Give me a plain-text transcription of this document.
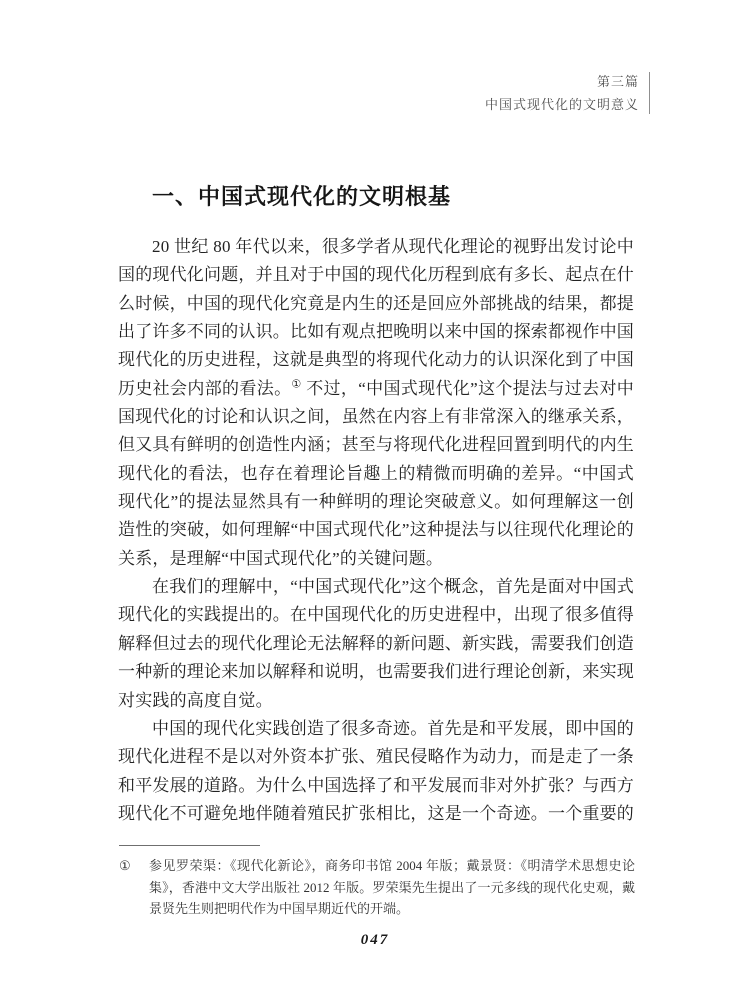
第三篇
中国式现代化的文明意义
一、中国式现代化的文明根基

20 世纪 80 年代以来，很多学者从现代化理论的视野出发讨论中国的现代化问题，并且对于中国的现代化历程到底有多长、起点在什么时候，中国的现代化究竟是内生的还是回应外部挑战的结果，都提出了许多不同的认识。比如有观点把晚明以来中国的探索都视作中国现代化的历史进程，这就是典型的将现代化动力的认识深化到了中国历史社会内部的看法。① 不过，“中国式现代化”这个提法与过去对中国现代化的讨论和认识之间，虽然在内容上有非常深入的继承关系，但又具有鲜明的创造性内涵；甚至与将现代化进程回置到明代的内生现代化的看法，也存在着理论旨趣上的精微而明确的差异。“中国式现代化”的提法显然具有一种鲜明的理论突破意义。如何理解这一创造性的突破，如何理解“中国式现代化”这种提法与以往现代化理论的关系，是理解“中国式现代化”的关键问题。

在我们的理解中，“中国式现代化”这个概念，首先是面对中国式现代化的实践提出的。在中国现代化的历史进程中，出现了很多值得解释但过去的现代化理论无法解释的新问题、新实践，需要我们创造一种新的理论来加以解释和说明，也需要我们进行理论创新，来实现对实践的高度自觉。

中国的现代化实践创造了很多奇迹。首先是和平发展，即中国的现代化进程不是以对外资本扩张、殖民侵略作为动力，而是走了一条和平发展的道路。为什么中国选择了和平发展而非对外扩张？与西方现代化不可避免地伴随着殖民扩张相比，这是一个奇迹。一个重要的

①	参见罗荣渠：《现代化新论》，商务印书馆 2004 年版；戴景贤：《明清学术思想史论集》，香港中文大学出版社 2012 年版。罗荣渠先生提出了一元多线的现代化史观，戴景贤先生则把明代作为中国早期近代的开端。
047
